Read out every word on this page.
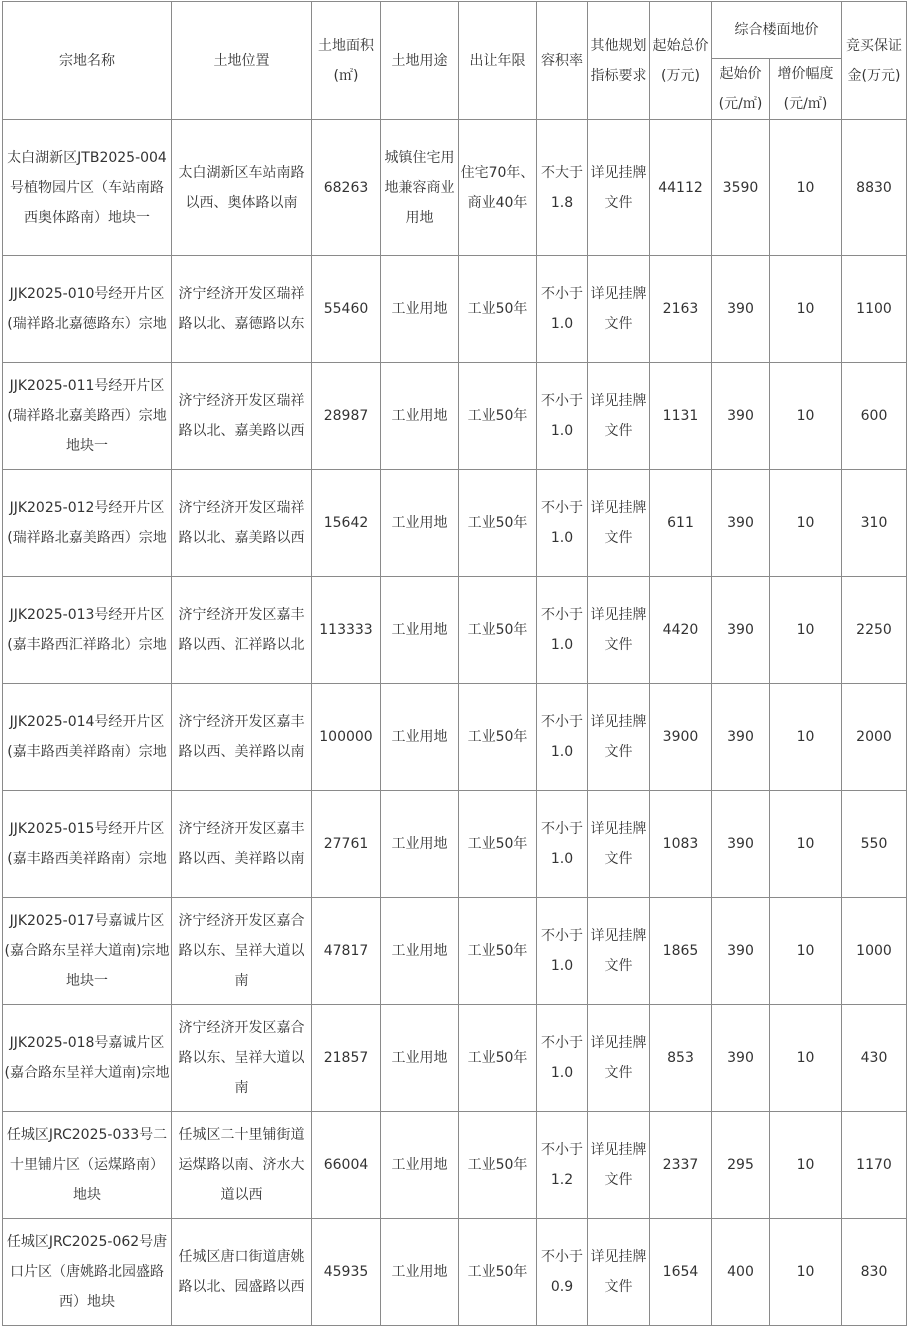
宗地名称	土地位置	土地面积(㎡)	土地用途	出让年限	容积率	其他规划指标要求	起始总价(万元)	综合楼面地价		竞买保证金(万元)
								起始价(元/㎡)	增价幅度(元/㎡)	
太白湖新区JTB2025-004号植物园片区（车站南路西奥体路南）地块一	太白湖新区车站南路以西、奥体路以南	68263	城镇住宅用地兼容商业用地	住宅70年、商业40年	不大于1.8	详见挂牌文件	44112	3590	10	8830
JJK2025-010号经开片区(瑞祥路北嘉德路东）宗地	济宁经济开发区瑞祥路以北、嘉德路以东	55460	工业用地	工业50年	不小于1.0	详见挂牌文件	2163	390	10	1100
JJK2025-011号经开片区(瑞祥路北嘉美路西）宗地地块一	济宁经济开发区瑞祥路以北、嘉美路以西	28987	工业用地	工业50年	不小于1.0	详见挂牌文件	1131	390	10	600
JJK2025-012号经开片区(瑞祥路北嘉美路西）宗地	济宁经济开发区瑞祥路以北、嘉美路以西	15642	工业用地	工业50年	不小于1.0	详见挂牌文件	611	390	10	310
JJK2025-013号经开片区(嘉丰路西汇祥路北）宗地	济宁经济开发区嘉丰路以西、汇祥路以北	113333	工业用地	工业50年	不小于1.0	详见挂牌文件	4420	390	10	2250
JJK2025-014号经开片区(嘉丰路西美祥路南）宗地	济宁经济开发区嘉丰路以西、美祥路以南	100000	工业用地	工业50年	不小于1.0	详见挂牌文件	3900	390	10	2000
JJK2025-015号经开片区(嘉丰路西美祥路南）宗地	济宁经济开发区嘉丰路以西、美祥路以南	27761	工业用地	工业50年	不小于1.0	详见挂牌文件	1083	390	10	550
JJK2025-017号嘉诚片区(嘉合路东呈祥大道南)宗地地块一	济宁经济开发区嘉合路以东、呈祥大道以南	47817	工业用地	工业50年	不小于1.0	详见挂牌文件	1865	390	10	1000
JJK2025-018号嘉诚片区(嘉合路东呈祥大道南)宗地	济宁经济开发区嘉合路以东、呈祥大道以南	21857	工业用地	工业50年	不小于1.0	详见挂牌文件	853	390	10	430
任城区JRC2025-033号二十里铺片区（运煤路南）地块	任城区二十里铺街道运煤路以南、济水大道以西	66004	工业用地	工业50年	不小于1.2	详见挂牌文件	2337	295	10	1170
任城区JRC2025-062号唐口片区（唐姚路北园盛路西）地块	任城区唐口街道唐姚路以北、园盛路以西	45935	工业用地	工业50年	不小于0.9	详见挂牌文件	1654	400	10	830
